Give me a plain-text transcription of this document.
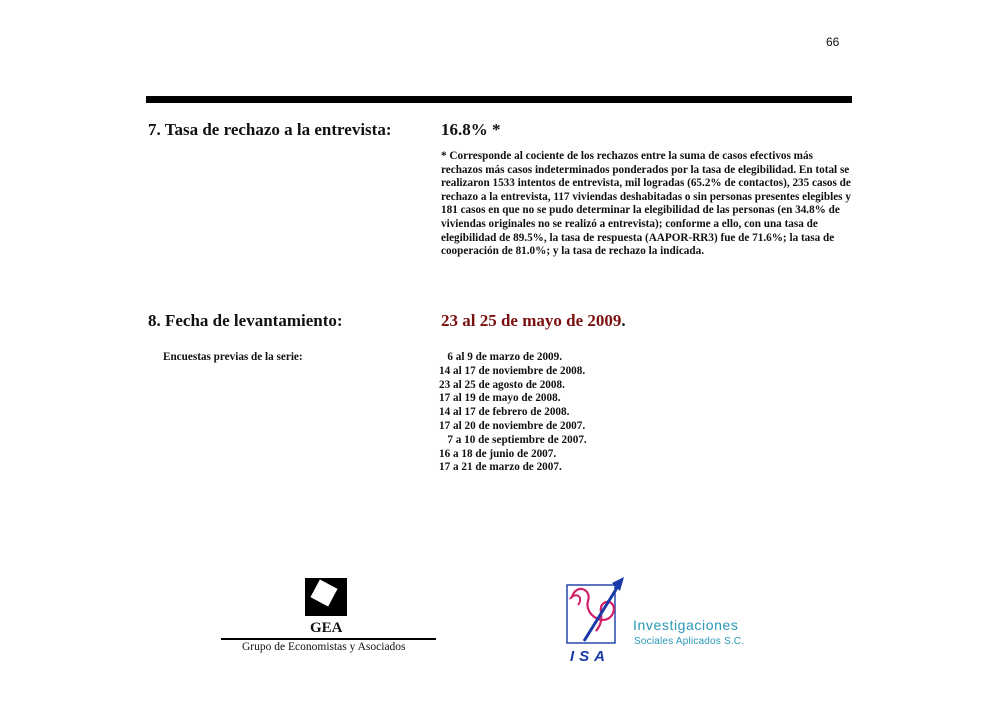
66
7. Tasa de rechazo a la entrevista:	16.8% *
* Corresponde al cociente de los rechazos entre la suma de casos efectivos más rechazos más casos indeterminados ponderados por la tasa de elegibilidad. En total se realizaron 1533 intentos de entrevista, mil logradas (65.2% de contactos), 235 casos de rechazo a la entrevista, 117 viviendas deshabitadas o sin personas presentes elegibles y 181 casos en que no se pudo determinar la elegibilidad de las personas (en 34.8% de viviendas originales no se realizó a entrevista); conforme a ello, con una tasa de elegibilidad de 89.5%, la tasa de respuesta (AAPOR-RR3) fue de 71.6%; la tasa de cooperación de 81.0%; y la tasa de rechazo la indicada.
8. Fecha de levantamiento:	23 al 25 de mayo de 2009.
Encuestas previas de la serie:	6 al 9 de marzo de 2009.
14 al 17 de noviembre de 2008.
23 al 25 de agosto de 2008.
17 al 19 de mayo de 2008.
14 al 17 de febrero de 2008.
17 al 20 de noviembre de 2007.
7 a 10 de septiembre de 2007.
16 a 18 de junio de 2007.
17 a 21 de marzo de 2007.
GEA
Grupo de Economistas y Asociados
ISA
Investigaciones
Sociales Aplicados S.C.
